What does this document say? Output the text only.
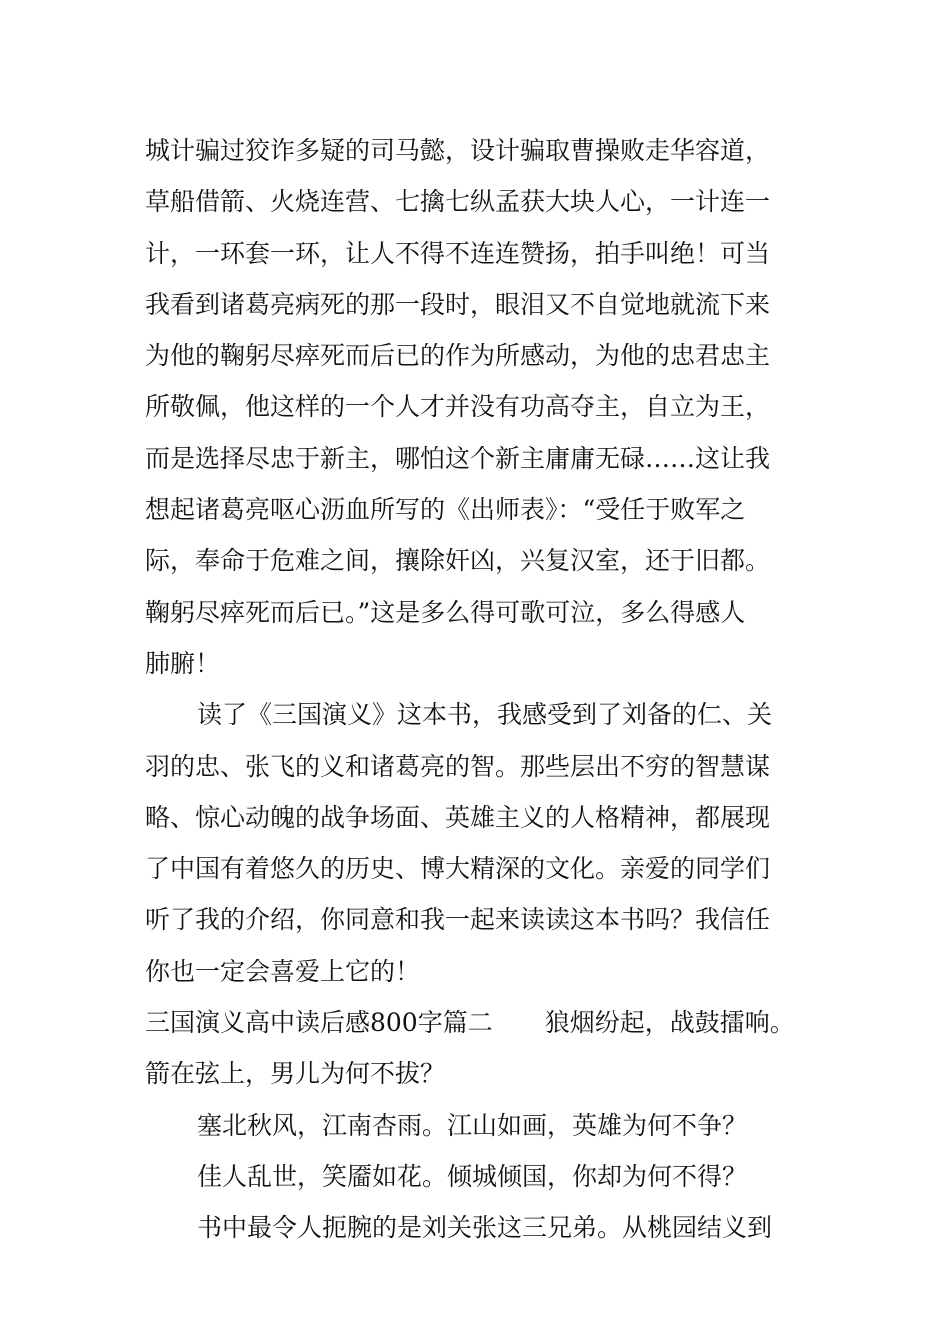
城计骗过狡诈多疑的司马懿，设计骗取曹操败走华容道，
草船借箭、火烧连营、七擒七纵孟获大块人心，一计连一
计，一环套一环，让人不得不连连赞扬，拍手叫绝！可当
我看到诸葛亮病死的那一段时，眼泪又不自觉地就流下来
为他的鞠躬尽瘁死而后已的作为所感动，为他的忠君忠主
所敬佩，他这样的一个人才并没有功高夺主，自立为王，
而是选择尽忠于新主，哪怕这个新主庸庸无碌……这让我
想起诸葛亮呕心沥血所写的《出师表》：“受任于败军之
际，奉命于危难之间，攘除奸凶，兴复汉室，还于旧都。
鞠躬尽瘁死而后已。”这是多么得可歌可泣，多么得感人
肺腑！
读了《三国演义》这本书，我感受到了刘备的仁、关
羽的忠、张飞的义和诸葛亮的智。那些层出不穷的智慧谋
略、惊心动魄的战争场面、英雄主义的人格精神，都展现
了中国有着悠久的历史、博大精深的文化。亲爱的同学们
听了我的介绍，你同意和我一起来读读这本书吗？我信任
你也一定会喜爱上它的！
三国演义高中读后感800字篇二 狼烟纷起，战鼓擂响。
箭在弦上，男儿为何不拔？
塞北秋风，江南杏雨。江山如画，英雄为何不争？
佳人乱世，笑靥如花。倾城倾国，你却为何不得？
书中最令人扼腕的是刘关张这三兄弟。从桃园结义到
